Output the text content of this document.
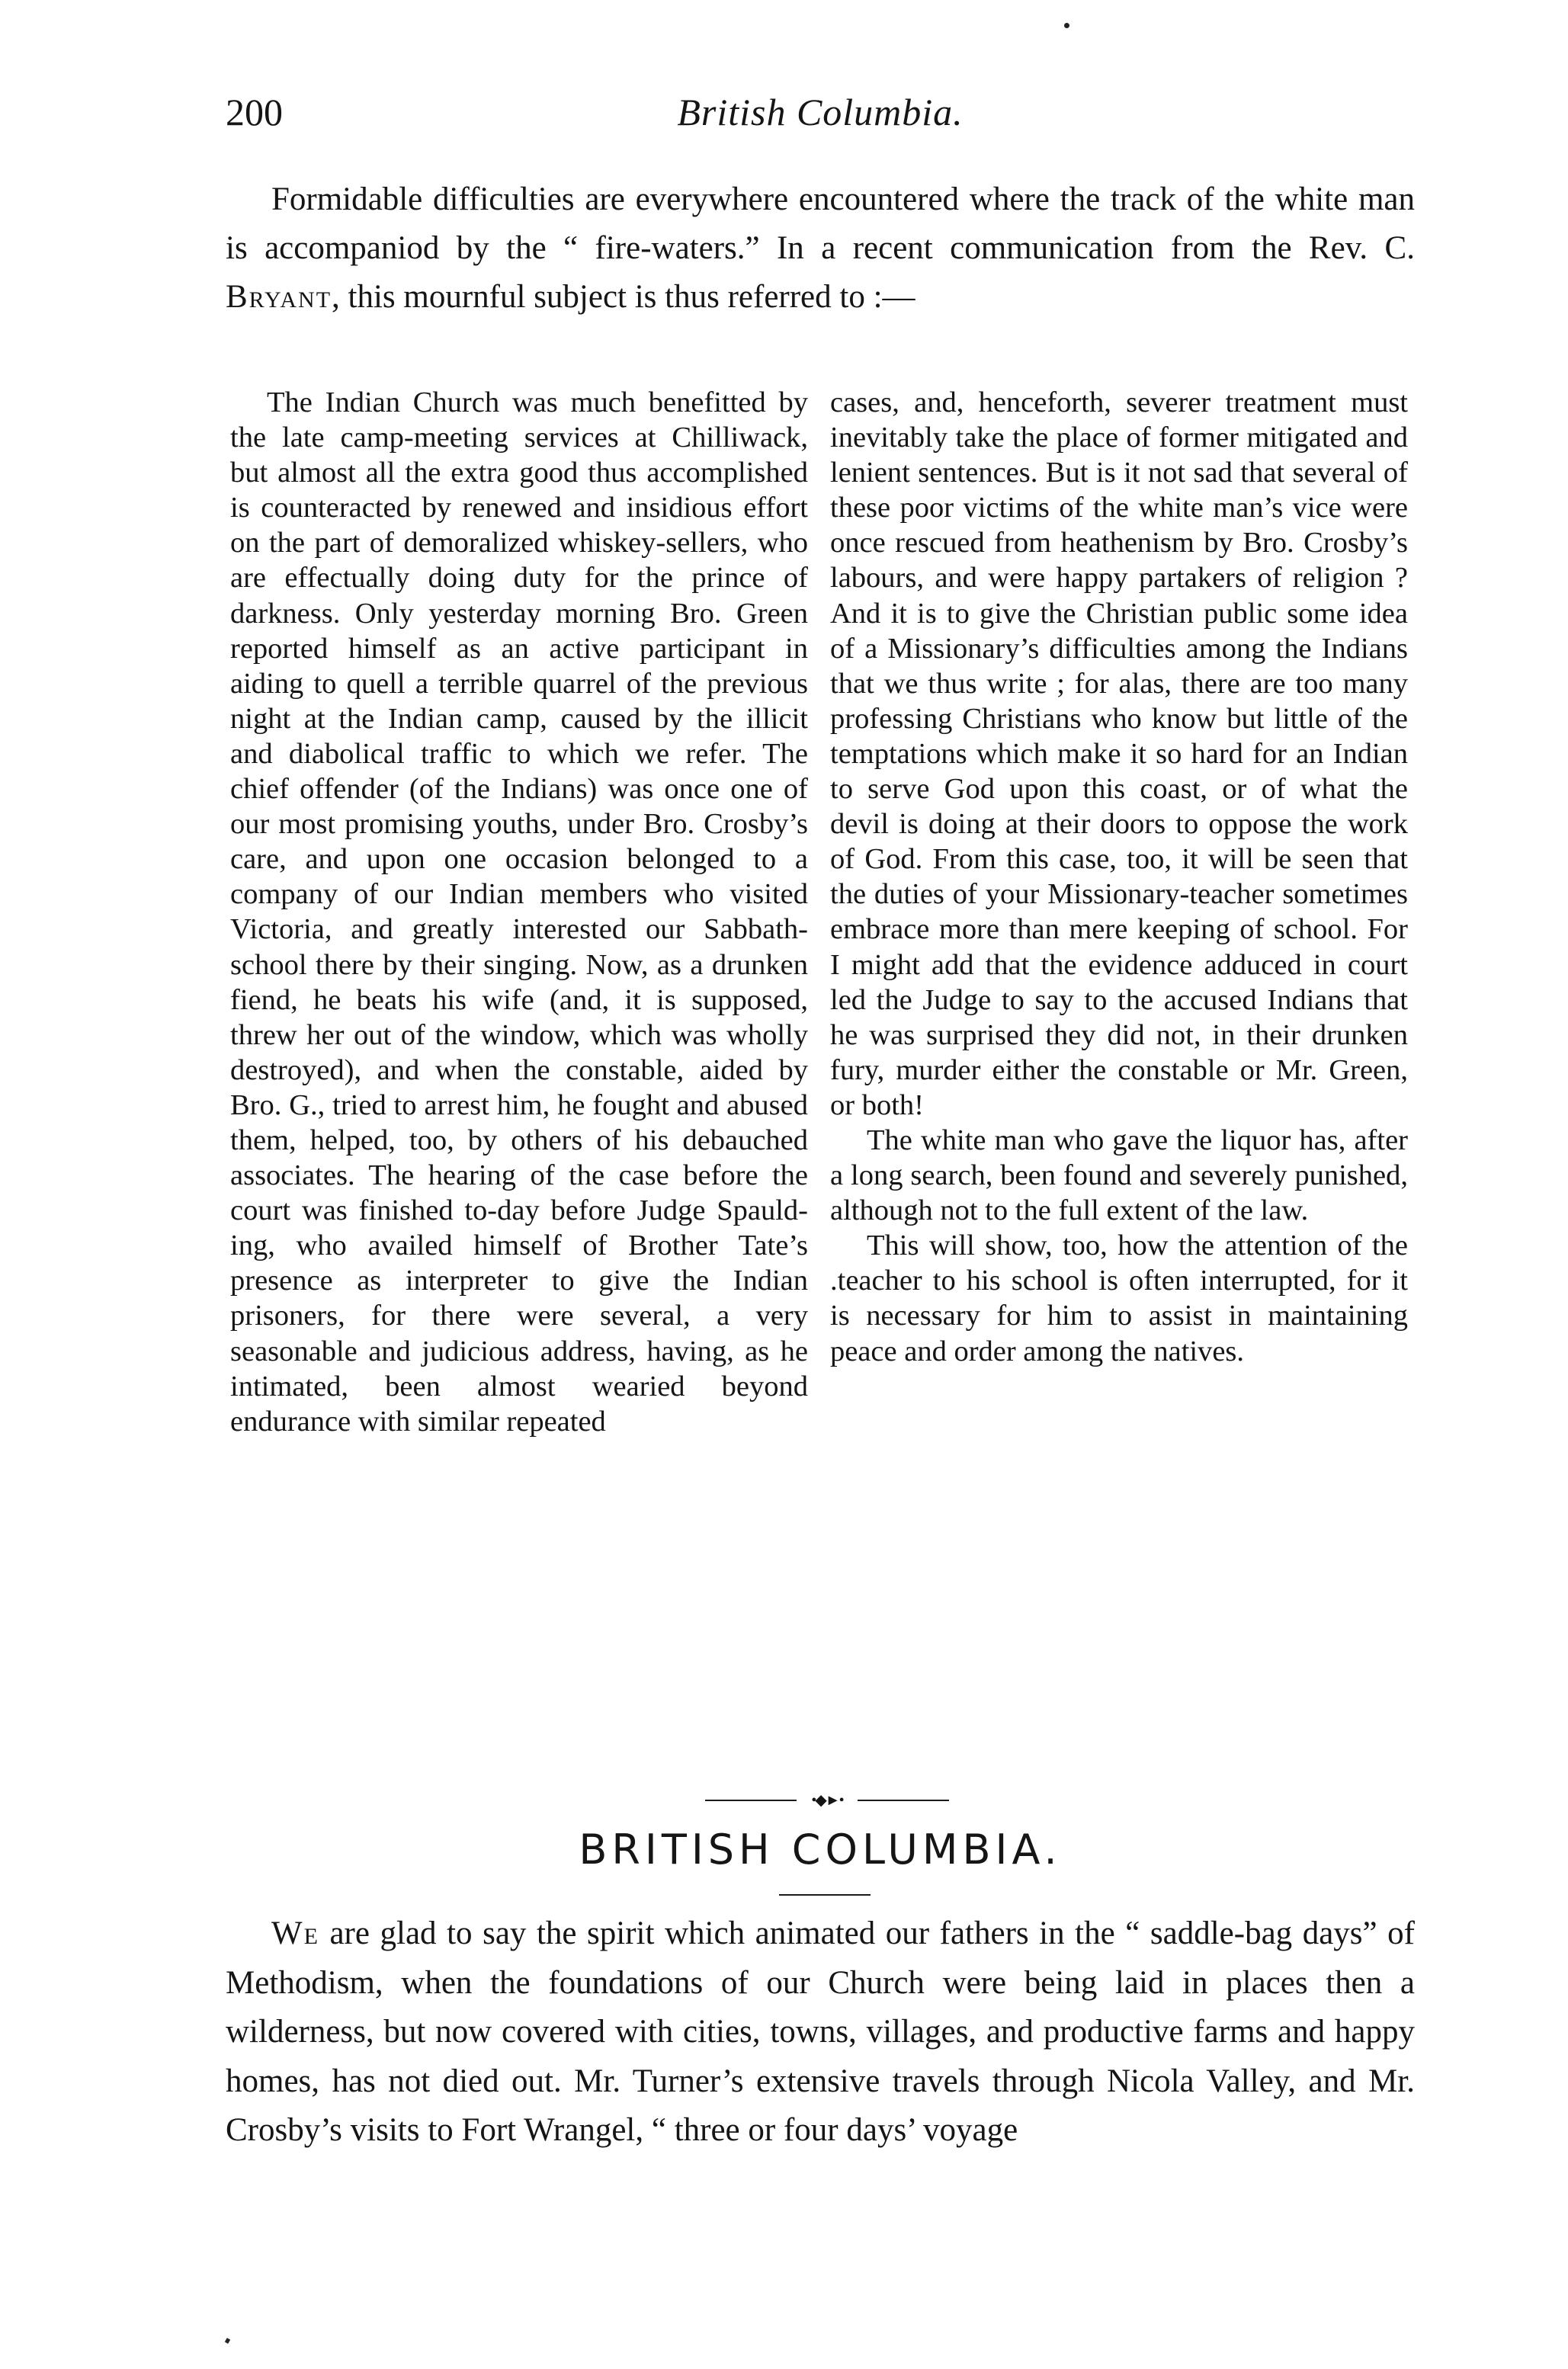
200	British Columbia.

Formidable difficulties are everywhere encountered where the track of the white man is accompaniod by the “ fire-waters.” In a recent communication from the Rev. C. Bryant, this mournful subject is thus referred to :—

The Indian Church was much benefitted by the late camp-meeting services at Chilliwack, but almost all the extra good thus accomplished is counteracted by renewed and insidious effort on the part of demoralized whiskey-sellers, who are effectually doing duty for the prince of darkness. Only yesterday morning Bro. Green reported himself as an active participant in aiding to quell a terrible quarrel of the previous night at the Indian camp, caused by the illicit and diabolical traffic to which we refer. The chief offender (of the Indians) was once one of our most promising youths, under Bro. Crosby’s care, and upon one occasion belonged to a company of our Indian members who visited Victoria, and greatly interested our Sabbath-school there by their singing. Now, as a drunken fiend, he beats his wife (and, it is supposed, threw her out of the window, which was wholly destroyed), and when the constable, aided by Bro. G., tried to arrest him, he fought and abused them, helped, too, by others of his debauched associates. The hearing of the case before the court was finished to-day before Judge Spaulding, who availed himself of Brother Tate’s presence as interpreter to give the Indian prisoners, for there were several, a very seasonable and judicious address, having, as he intimated, been almost wearied beyond endurance with similar repeated

cases, and, henceforth, severer treatment must inevitably take the place of former mitigated and lenient sentences. But is it not sad that several of these poor victims of the white man’s vice were once rescued from heathenism by Bro. Crosby’s labours, and were happy partakers of religion ? And it is to give the Christian public some idea of a Missionary’s difficulties among the Indians that we thus write ; for alas, there are too many professing Christians who know but little of the temptations which make it so hard for an Indian to serve God upon this coast, or of what the devil is doing at their doors to oppose the work of God. From this case, too, it will be seen that the duties of your Missionary-teacher sometimes embrace more than mere keeping of school. For I might add that the evidence adduced in court led the Judge to say to the accused Indians that he was surprised they did not, in their drunken fury, murder either the constable or Mr. Green, or both!

The white man who gave the liquor has, after a long search, been found and severely punished, although not to the full extent of the law.

This will show, too, how the attention of the .teacher to his school is often interrupted, for it is necessary for him to assist in maintaining peace and order among the natives.

•◆►•
BRITISH COLUMBIA.

We are glad to say the spirit which animated our fathers in the “ saddle-bag days” of Methodism, when the foundations of our Church were being laid in places then a wilderness, but now covered with cities, towns, villages, and productive farms and happy homes, has not died out. Mr. Turner’s extensive travels through Nicola Valley, and Mr. Crosby’s visits to Fort Wrangel, “ three or four days’ voyage
